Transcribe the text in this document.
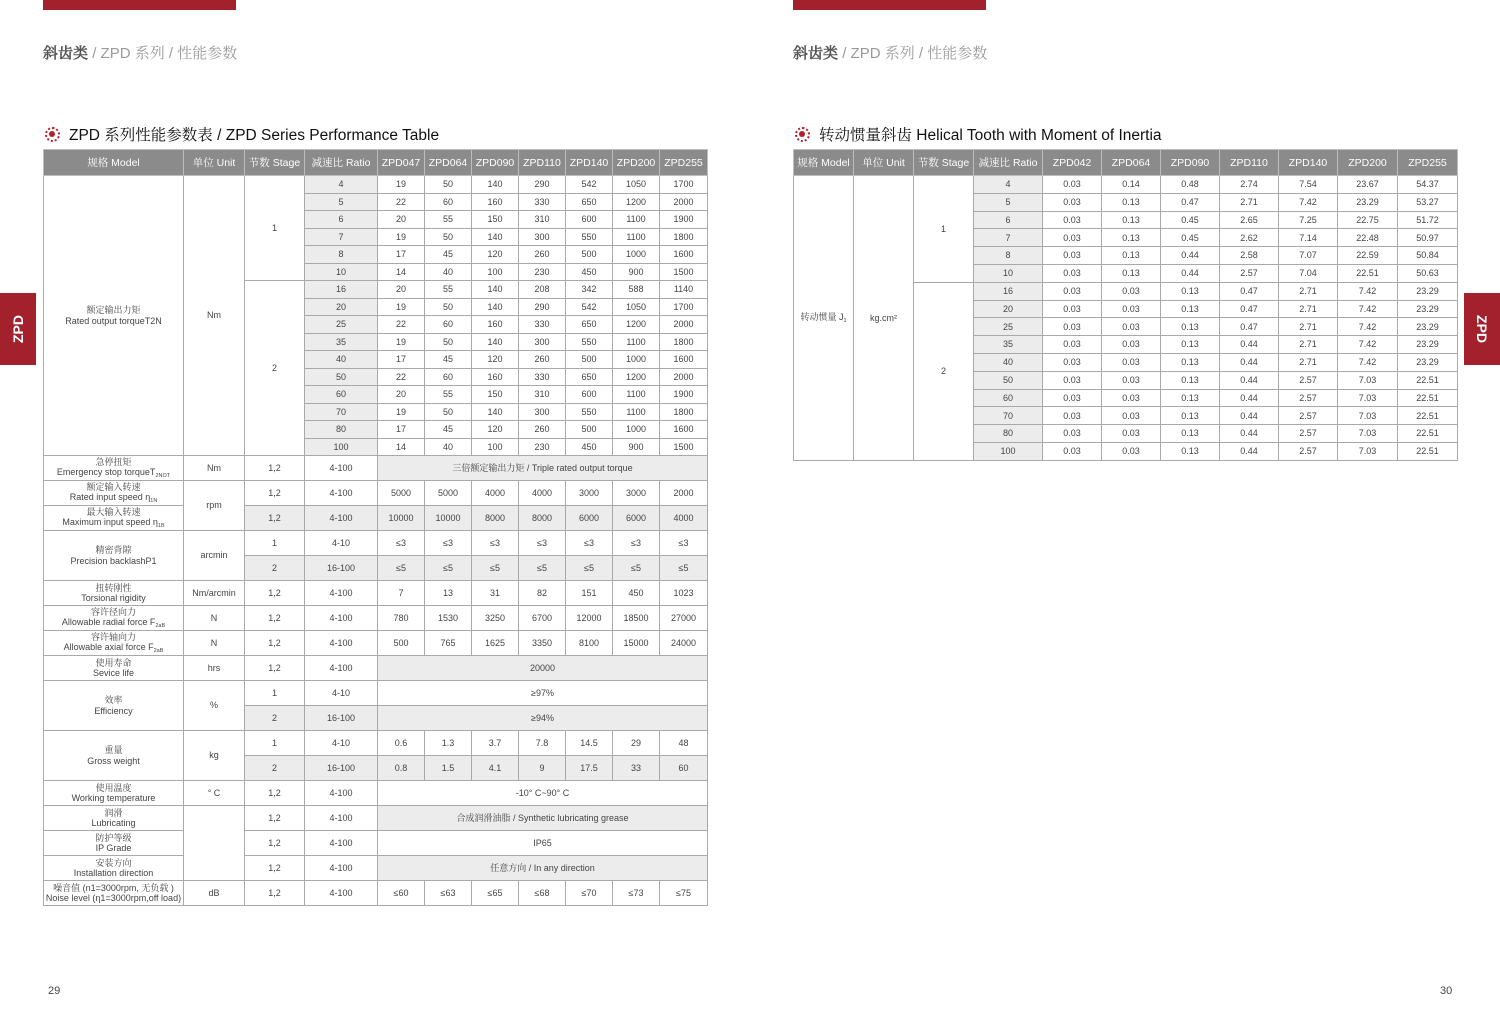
斜齿类 / ZPD 系列 / 性能参数
ZPD 系列性能参数表 / ZPD Series Performance Table
ZPD
29
规格 Model	单位 Unit	节数 Stage	减速比 Ratio	ZPD047	ZPD064	ZPD090	ZPD110	ZPD140	ZPD200	ZPD255

额定输出力矩
Rated output torqueT2N	Nm	1	4	19	50	140	290	542	1050	1700
			5	22	60	160	330	650	1200	2000
			6	20	55	150	310	600	1100	1900
			7	19	50	140	300	550	1100	1800
			8	17	45	120	260	500	1000	1600
			10	14	40	100	230	450	900	1500
		2	16	20	55	140	208	342	588	1140
			20	19	50	140	290	542	1050	1700
			25	22	60	160	330	650	1200	2000
			35	19	50	140	300	550	1100	1800
			40	17	45	120	260	500	1000	1600
			50	22	60	160	330	650	1200	2000
			60	20	55	150	310	600	1100	1900
			70	19	50	140	300	550	1100	1800
			80	17	45	120	260	500	1000	1600
			100	14	40	100	230	450	900	1500

急停扭矩
Emergency stop torqueT$_{2NOT}$	Nm	1,2	4-100	三倍额定输出力矩 / Triple rated output torque						

额定输入转速
Rated input speed $\eta_{1N}$	rpm	1,2	4-100	5000	5000	4000	4000	3000	3000	2000

最大输入转速
Maximum input speed $\eta_{1B}$		1,2	4-100	10000	10000	8000	8000	6000	6000	4000

精密背隙
Precision backlashP1	arcmin	1	4-10	≤3	≤3	≤3	≤3	≤3	≤3	≤3
		2	16-100	≤5	≤5	≤5	≤5	≤5	≤5	≤5

扭转刚性
Torsional rigidity	Nm/arcmin	1,2	4-100	7	13	31	82	151	450	1023

容许径向力
Allowable radial force $F_{2aB}$	N	1,2	4-100	780	1530	3250	6700	12000	18500	27000

容许轴向力
Allowable axial force $F_{2aB}$	N	1,2	4-100	500	765	1625	3350	8100	15000	24000

使用寿命
Sevice life	hrs	1,2	4-100	20000						

效率
Efficiency	%	1	4-10	≥97%						
		2	16-100	≥94%						

重量
Gross weight	kg	1	4-10	0.6	1.3	3.7	7.8	14.5	29	48
		2	16-100	0.8	1.5	4.1	9	17.5	33	60

使用温度
Working temperature	° C	1,2	4-100	-10° C~90° C						

润滑
Lubricating		1,2	4-100	合成润滑油脂 / Synthetic lubricating grease						

防护等级
IP Grade		1,2	4-100	IP65						

安装方向
Installation direction		1,2	4-100	任意方向 / In any direction						

噪音值 (n1=3000rpm, 无负载 )
Noise level (η1=3000rpm,off load)	dB	1,2	4-100	≤60	≤63	≤65	≤68	≤70	≤73	≤75
斜齿类 / ZPD 系列 / 性能参数
转动惯量斜齿 Helical Tooth with Moment of Inertia
ZPD
30
规格 Model	单位 Unit	节数 Stage	减速比 Ratio	ZPD042	ZPD064	ZPD090	ZPD110	ZPD140	ZPD200	ZPD255
转动惯量 $J_1$	kg.cm²	1	4	0.03	0.14	0.48	2.74	7.54	23.67	54.37
			5	0.03	0.13	0.47	2.71	7.42	23.29	53.27
			6	0.03	0.13	0.45	2.65	7.25	22.75	51.72
			7	0.03	0.13	0.45	2.62	7.14	22.48	50.97
			8	0.03	0.13	0.44	2.58	7.07	22.59	50.84
			10	0.03	0.13	0.44	2.57	7.04	22.51	50.63
		2	16	0.03	0.03	0.13	0.47	2.71	7.42	23.29
			20	0.03	0.03	0.13	0.47	2.71	7.42	23.29
			25	0.03	0.03	0.13	0.47	2.71	7.42	23.29
			35	0.03	0.03	0.13	0.44	2.71	7.42	23.29
			40	0.03	0.03	0.13	0.44	2.71	7.42	23.29
			50	0.03	0.03	0.13	0.44	2.57	7.03	22.51
			60	0.03	0.03	0.13	0.44	2.57	7.03	22.51
			70	0.03	0.03	0.13	0.44	2.57	7.03	22.51
			80	0.03	0.03	0.13	0.44	2.57	7.03	22.51
			100	0.03	0.03	0.13	0.44	2.57	7.03	22.51
